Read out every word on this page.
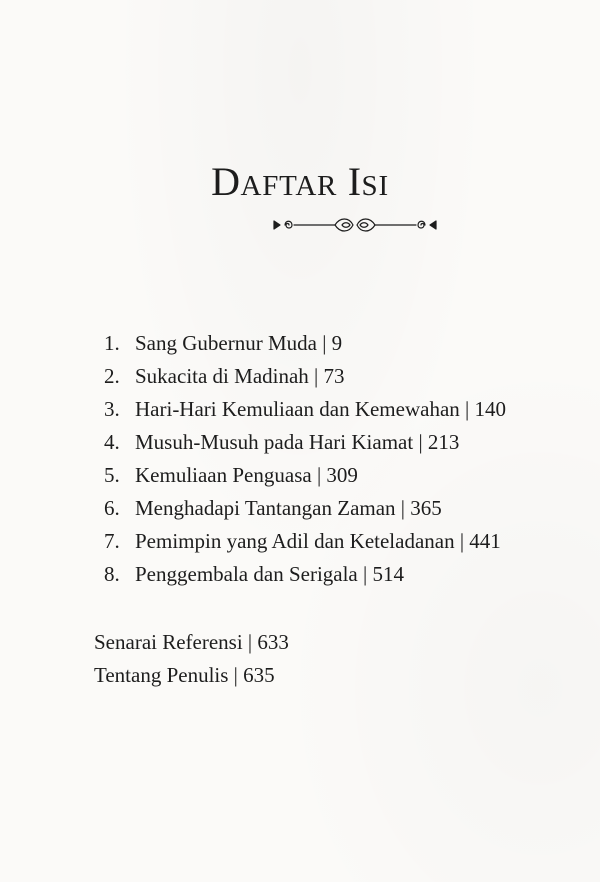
DAFTAR ISI
1. Sang Gubernur Muda | 9
2. Sukacita di Madinah | 73
3. Hari-Hari Kemuliaan dan Kemewahan | 140
4. Musuh-Musuh pada Hari Kiamat | 213
5. Kemuliaan Penguasa | 309
6. Menghadapi Tantangan Zaman | 365
7. Pemimpin yang Adil dan Keteladanan | 441
8. Penggembala dan Serigala | 514
Senarai Referensi | 633
Tentang Penulis | 635
